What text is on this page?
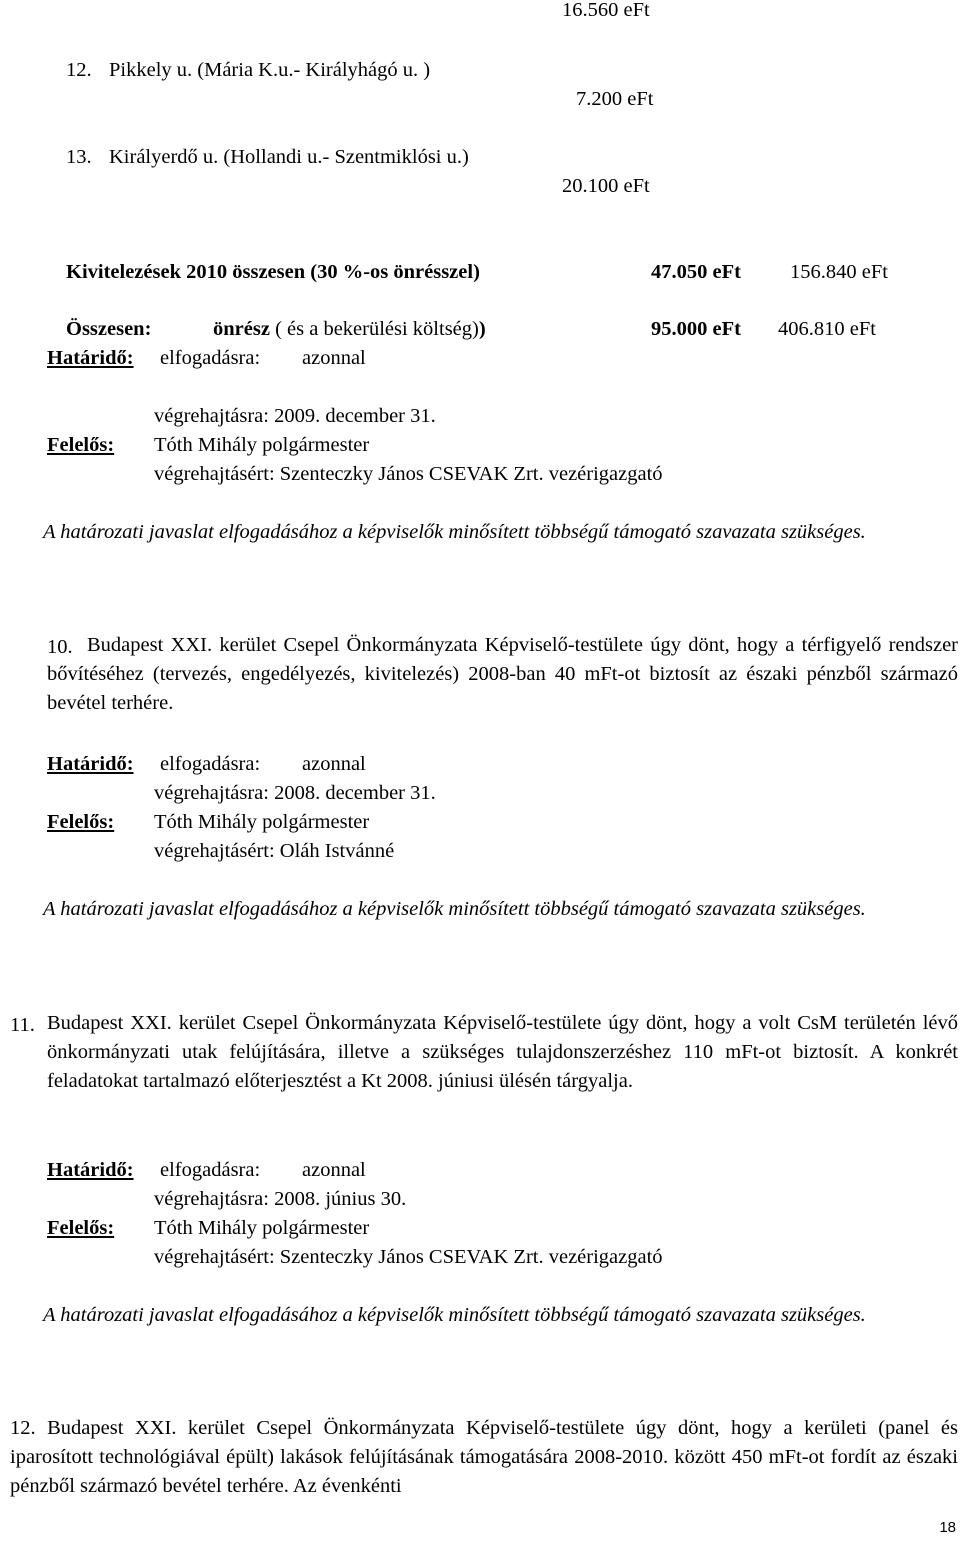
16.560 eFt
12. Pikkely u. (Mária K.u.- Királyhágó u. )
7.200 eFt
13. Királyerdő u. (Hollandi u.- Szentmiklósi u.)
20.100 eFt
Kivitelezések 2010 összesen (30 %-os önrésszel)	47.050 eFt 156.840 eFt
Összesen:	önrész ( és a bekerülési költség))	95.000 eFt 406.810 eFt
Határidő: elfogadásra: azonnal
végrehajtásra: 2009. december 31.
Felelős: Tóth Mihály polgármester
végrehajtásért: Szenteczky János CSEVAK Zrt. vezérigazgató
A határozati javaslat elfogadásához a képviselők minősített többségű támogató szavazata szükséges.
10. Budapest XXI. kerület Csepel Önkormányzata Képviselő-testülete úgy dönt, hogy a térfigyelő rendszer bővítéséhez (tervezés, engedélyezés, kivitelezés) 2008-ban 40 mFt-ot biztosít az északi pénzből származó bevétel terhére.
Határidő: elfogadásra: azonnal
végrehajtásra: 2008. december 31.
Felelős: Tóth Mihály polgármester
végrehajtásért: Oláh Istvánné
A határozati javaslat elfogadásához a képviselők minősített többségű támogató szavazata szükséges.
11. Budapest XXI. kerület Csepel Önkormányzata Képviselő-testülete úgy dönt, hogy a volt CsM területén lévő önkormányzati utak felújítására, illetve a szükséges tulajdonszerzéshez 110 mFt-ot biztosít. A konkrét feladatokat tartalmazó előterjesztést a Kt 2008. júniusi ülésén tárgyalja.
Határidő: elfogadásra: azonnal
végrehajtásra: 2008. június 30.
Felelős: Tóth Mihály polgármester
végrehajtásért: Szenteczky János CSEVAK Zrt. vezérigazgató
A határozati javaslat elfogadásához a képviselők minősített többségű támogató szavazata szükséges.
12. Budapest XXI. kerület Csepel Önkormányzata Képviselő-testülete úgy dönt, hogy a kerületi (panel és iparosított technológiával épült) lakások felújításának támogatására 2008-2010. között 450 mFt-ot fordít az északi pénzből származó bevétel terhére. Az évenkénti
18
